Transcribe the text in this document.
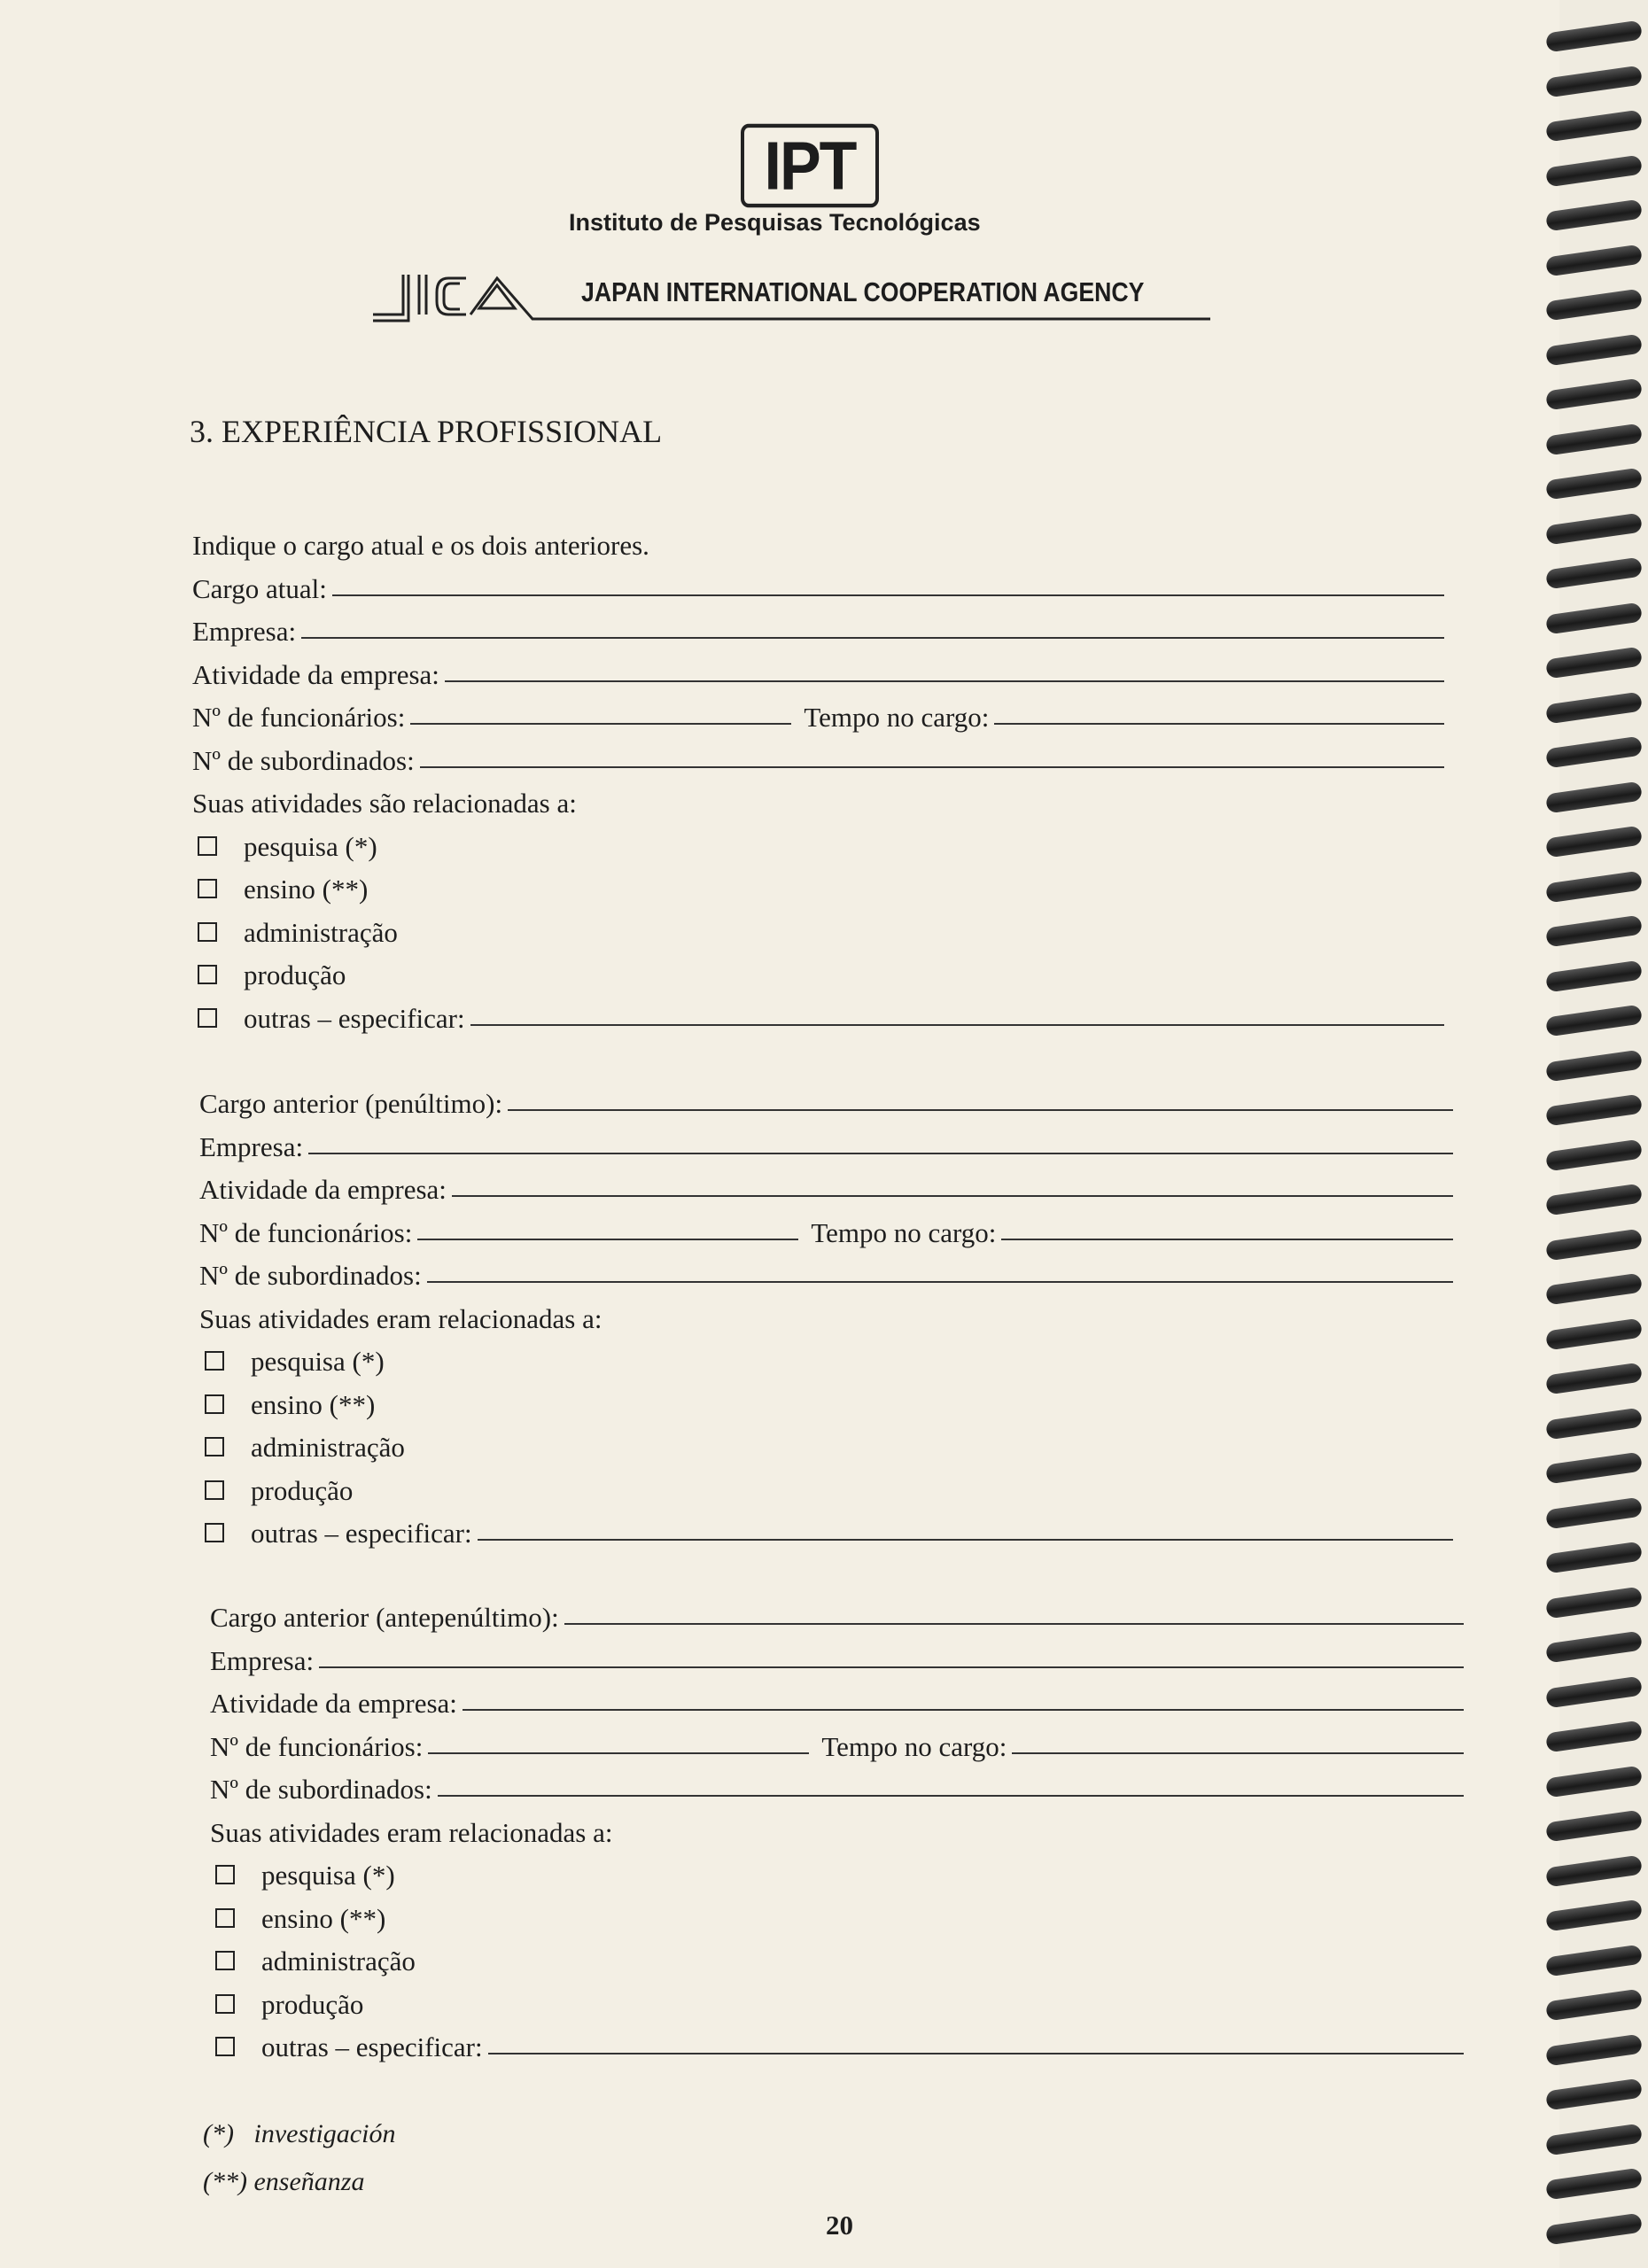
IPT
Instituto de Pesquisas Tecnológicas
JAPAN INTERNATIONAL COOPERATION AGENCY
3. EXPERIÊNCIA PROFISSIONAL
Indique o cargo atual e os dois anteriores.
Cargo atual:
Empresa:
Atividade da empresa:
Nº de funcionários:	Tempo no cargo:
Nº de subordinados:
Suas atividades são relacionadas a:
pesquisa (*)
ensino (**)
administração
produção
outras – especificar:
Cargo anterior (penúltimo):
Empresa:
Atividade da empresa:
Nº de funcionários:	Tempo no cargo:
Nº de subordinados:
Suas atividades eram relacionadas a:
pesquisa (*)
ensino (**)
administração
produção
outras – especificar:
Cargo anterior (antepenúltimo):
Empresa:
Atividade da empresa:
Nº de funcionários:	Tempo no cargo:
Nº de subordinados:
Suas atividades eram relacionadas a:
pesquisa (*)
ensino (**)
administração
produção
outras – especificar:
(*) investigación
(**) enseñanza
20
